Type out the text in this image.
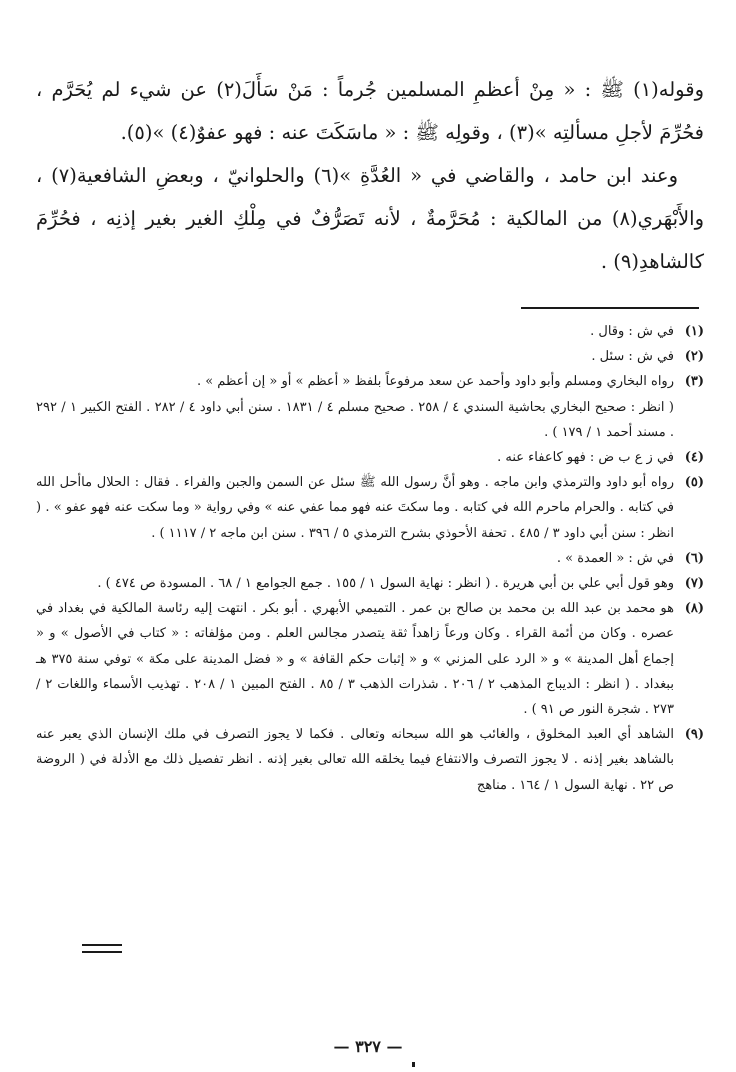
وقوله(١) ﷺ : « مِنْ أعظمِ المسلمين جُرماً : مَنْ سَأَلَ(٢) عن شيء لم يُحَرَّم ، فحُرِّمَ لأجلِ مسألتِه »(٣) ، وقولِه ﷺ : « ماسَكَتَ عنه : فهو عفوٌ(٤) »(٥).

وعند ابن حامد ، والقاضي في « العُدَّةِ »(٦) والحلوانيّ ، وبعضِ الشافعية(٧) ، والأَبْهَري(٨) من المالكية : مُحَرَّمةٌ ، لأنه تَصَرُّفٌ في مِلْكِ الغير بغير إذنِه ، فحُرِّمَ كالشاهدِ(٩) .

(١)
في ش : وقال .
(٢)
في ش : سئل .
(٣)
رواه البخاري ومسلم وأبو داود وأحمد عن سعد مرفوعاً بلفظ « أعظم » أو « إن أعظم » .
( انظر : صحيح البخاري بحاشية السندي ٤ / ٢٥٨ . صحيح مسلم ٤ / ١٨٣١ . سنن أبي داود ٤ / ٢٨٢ . الفتح الكبير ١ / ٢٩٢ . مسند أحمد ١ / ١٧٩ ) .
(٤)
في ز ع ب ض : فهو كاعفاء عنه .
(٥)
رواه أبو داود والترمذي وابن ماجه . وهو أنَّ رسول الله ﷺ سئل عن السمن والجبن والفراء . فقال : الحلال ماأحل الله في كتابه . والحرام ماحرم الله في كتابه . وما سكتَ عنه فهو مما عفي عنه » وفي رواية « وما سكت عنه فهو عفو » . ( انظر : سنن أبي داود ٣ / ٤٨٥ . تحفة الأحوذي بشرح الترمذي ٥ / ٣٩٦ . سنن ابن ماجه ٢ / ١١١٧ ) .
(٦)
في ش : « العمدة » .
(٧)
وهو قول أبي علي بن أبي هريرة . ( انظر : نهاية السول ١ / ١٥٥ . جمع الجوامع ١ / ٦٨ . المسودة ص ٤٧٤ ) .
(٨)
هو محمد بن عبد الله بن محمد بن صالح بن عمر . التميمي الأبهري . أبو بكر . انتهت إليه رئاسة المالكية في بغداد في عصره . وكان من أئمة القراء . وكان ورعاً زاهداً ثقة يتصدر مجالس العلم . ومن مؤلفاته : « كتاب في الأصول » و « إجماع أهل المدينة » و « الرد على المزني » و « إثبات حكم القافة » و « فضل المدينة على مكة » توفي سنة ٣٧٥ هـ ببغداد . ( انظر : الديباج المذهب ٢ / ٢٠٦ . شذرات الذهب ٣ / ٨٥ . الفتح المبين ١ / ٢٠٨ . تهذيب الأسماء واللغات ٢ / ٢٧٣ . شجرة النور ص ٩١ ) .
(٩)
الشاهد أي العبد المخلوق ، والغائب هو الله سبحانه وتعالى . فكما لا يجوز التصرف في ملك الإنسان الذي يعبر عنه بالشاهد بغير إذنه . لا يجوز التصرف والانتفاع فيما يخلقه الله تعالى بغير إذنه . انظر تفصيل ذلك مع الأدلة في ( الروضة ص ٢٢ . نهاية السول ١ / ١٦٤ . مناهج
— ٣٢٧ —
